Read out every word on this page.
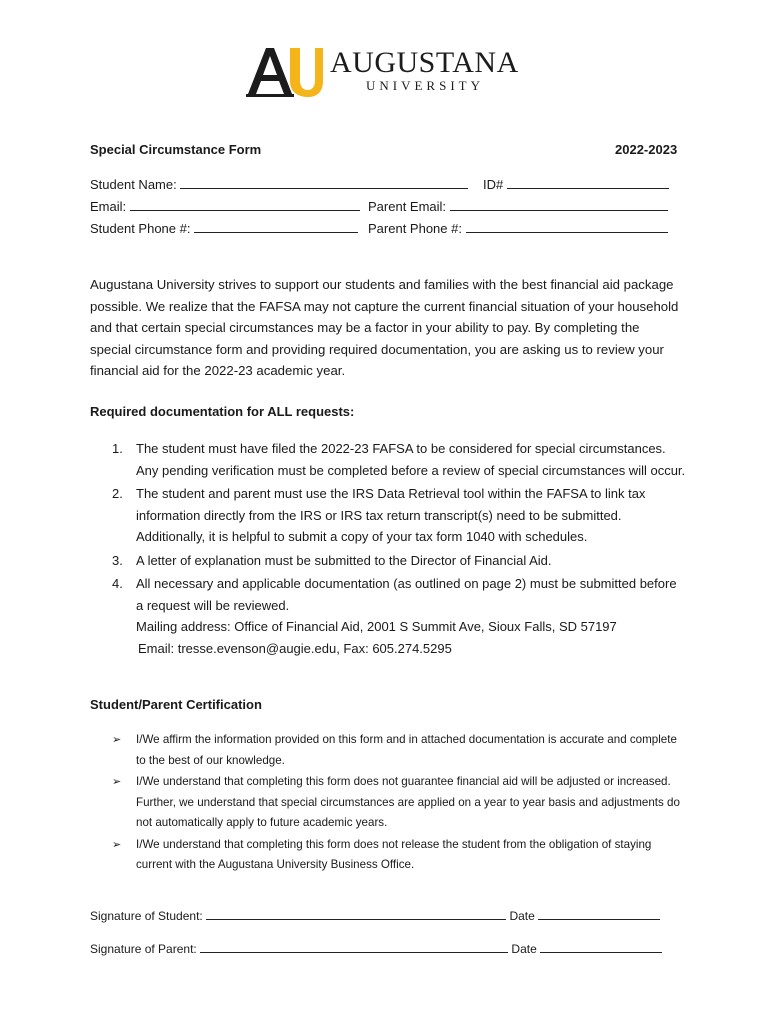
AUGUSTANA
UNIVERSITY
Special Circumstance Form	2022-2023
Student Name:	ID#
Email:	Parent Email:
Student Phone #:	Parent Phone #:
Augustana University strives to support our students and families with the best financial aid package possible. We realize that the FAFSA may not capture the current financial situation of your household and that certain special circumstances may be a factor in your ability to pay. By completing the special circumstance form and providing required documentation, you are asking us to review your financial aid for the 2022-23 academic year.
Required documentation for ALL requests:
1. The student must have filed the 2022-23 FAFSA to be considered for special circumstances. Any pending verification must be completed before a review of special circumstances will occur.
2. The student and parent must use the IRS Data Retrieval tool within the FAFSA to link tax information directly from the IRS or IRS tax return transcript(s) need to be submitted. Additionally, it is helpful to submit a copy of your tax form 1040 with schedules.
3. A letter of explanation must be submitted to the Director of Financial Aid.
4. All necessary and applicable documentation (as outlined on page 2) must be submitted before a request will be reviewed.
Mailing address: Office of Financial Aid, 2001 S Summit Ave, Sioux Falls, SD 57197
Email: tresse.evenson@augie.edu, Fax: 605.274.5295
Student/Parent Certification
➢ I/We affirm the information provided on this form and in attached documentation is accurate and complete to the best of our knowledge.
➢ I/We understand that completing this form does not guarantee financial aid will be adjusted or increased. Further, we understand that special circumstances are applied on a year to year basis and adjustments do not automatically apply to future academic years.
➢ I/We understand that completing this form does not release the student from the obligation of staying current with the Augustana University Business Office.
Signature of Student:	Date
Signature of Parent:	Date
